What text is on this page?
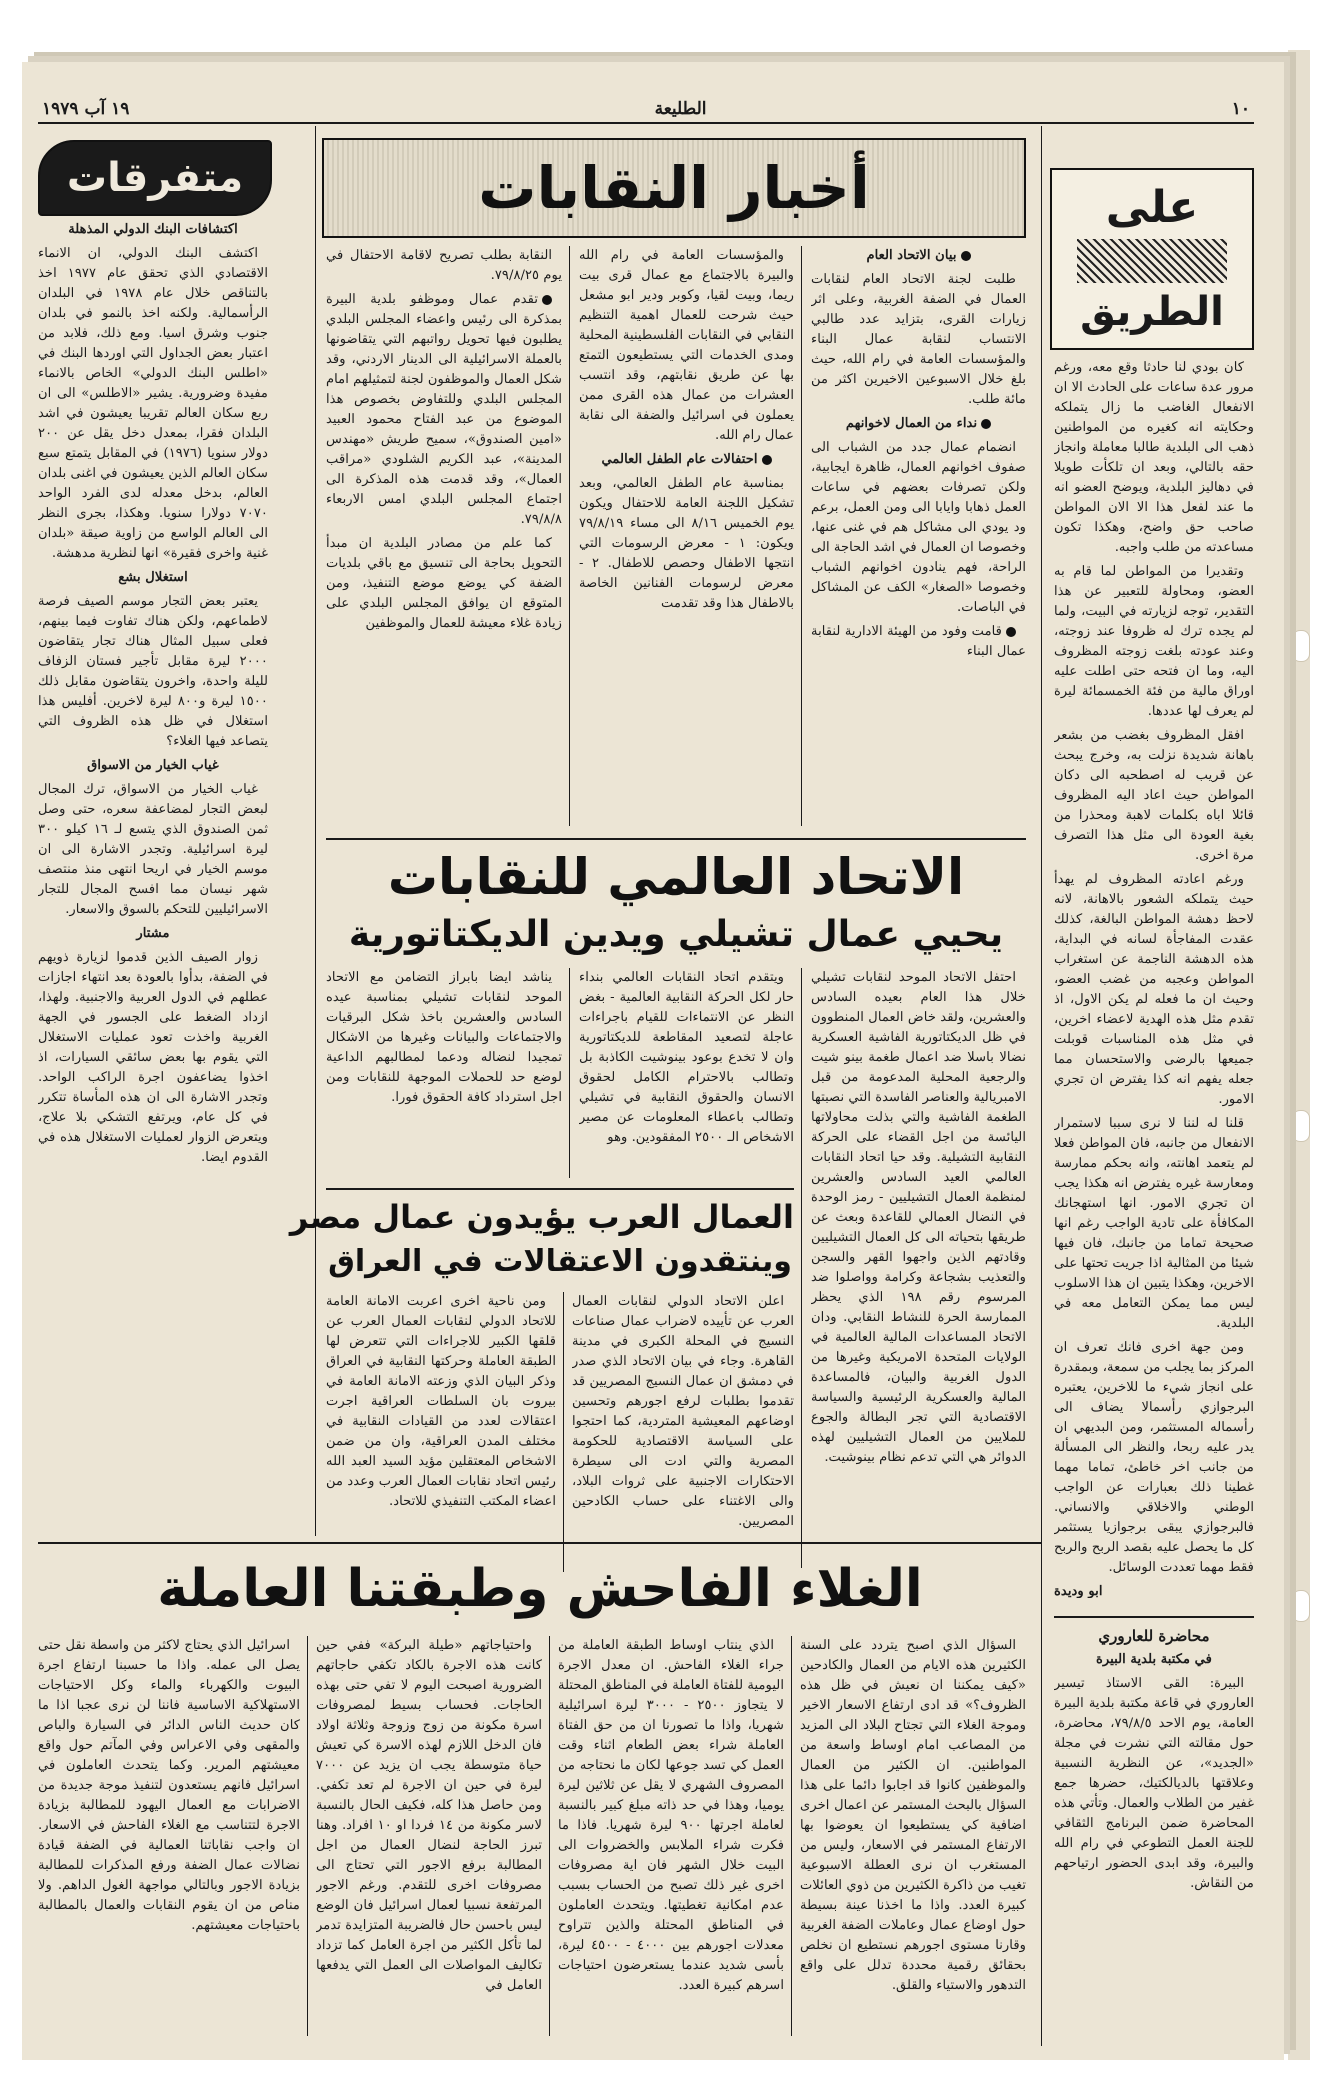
١٠
الطليعة
١٩ آب ١٩٧٩
على
الطريق

كان بودي لنا حادثا وقع معه، ورغم مرور عدة ساعات على الحادث الا ان الانفعال الغاضب ما زال يتملكه وحكايته انه كغيره من المواطنين ذهب الى البلدية طالبا معاملة وانجاز حقه بالتالي، وبعد ان تلكأت طويلا في دهاليز البلدية، ويوضح العضو انه ما عند لفعل هذا الا الان المواطن صاحب حق واضح، وهكذا تكون مساعدته من طلب واجبه.

وتقديرا من المواطن لما قام به العضو، ومحاولة للتعبير عن هذا التقدير، توجه لزيارته في البيت، ولما لم يجده ترك له ظروفا عند زوجته، وعند عودته بلغت زوجته المظروف اليه، وما ان فتحه حتى اطلت عليه اوراق مالية من فئة الخمسمائة ليرة لم يعرف لها عددها.

افقل المظروف بغضب من بشعر باهانة شديدة نزلت به، وخرج يبحث عن قريب له اصطحبه الى دكان المواطن حيث اعاد اليه المظروف قائلا اباه بكلمات لاهبة ومحذرا من بغية العودة الى مثل هذا التصرف مرة اخرى.

ورغم اعادته المظروف لم يهدأ حيث يتملكه الشعور بالاهانة، لانه لاحظ دهشة المواطن البالغة، كذلك عقدت المفاجأة لسانه في البداية، هذه الدهشة الناجمة عن استغراب المواطن وعجبه من غضب العضو، وحيث ان ما فعله لم يكن الاول، اذ تقدم مثل هذه الهدية لاعضاء اخرين، في مثل هذه المناسبات قوبلت جميعها بالرضى والاستحسان مما جعله يفهم انه كذا يفترض ان تجري الامور.

قلنا له لننا لا نرى سببا لاستمرار الانفعال من جانبه، فان المواطن فعلا لم يتعمد اهانته، وانه بحكم ممارسة ومعارسة غيره يفترض انه هكذا يجب ان تجري الامور. انها استهجانك المكافأة على تادية الواجب رغم انها صحيحة تماما من جانبك، فان فيها شيئا من المثالية اذا جريت تحتها على الاخرين، وهكذا يتبين ان هذا الاسلوب ليس مما يمكن التعامل معه في البلدية.

ومن جهة اخرى فانك تعرف ان المركز بما يجلب من سمعة، وبمقدرة على انجاز شيء ما للاخرين، يعتبره البرجوازي رأسمالا يضاف الى رأسماله المستثمر، ومن البديهي ان يدر عليه ربحا، والنظر الى المسألة من جانب اخر خاطئ، تماما مهما غطينا ذلك بعبارات عن الواجب الوطني والاخلاقي والانساني. فالبرجوازي يبقى برجوازيا يستثمر كل ما يحصل عليه بقصد الربح والربح فقط مهما تعددت الوسائل.

ابو وديدة

محاضرة للعاروري

في مكتبة بلدية البيرة

البيرة: القى الاستاذ تيسير العاروري في قاعة مكتبة بلدية البيرة العامة، يوم الاحد ٧٩/٨/٥، محاضرة، حول مقالته التي نشرت في مجلة «الجديد»، عن النظرية النسبية وعلاقتها بالديالكتيك، حضرها جمع غفير من الطلاب والعمال. وتأتي هذه المحاضرة ضمن البرنامج الثقافي للجنة العمل التطوعي في رام الله والبيرة، وقد ابدى الحضور ارتياحهم من النقاش.

أخبار النقابات

بيان الاتحاد العام

طلبت لجنة الاتحاد العام لنقابات العمال في الضفة الغربية، وعلى اثر زيارات القرى، بتزايد عدد طالبي الانتساب لنقابة عمال البناء والمؤسسات العامة في رام الله، حيث بلغ خلال الاسبوعين الاخيرين اكثر من مائة طلب.

نداء من العمال لاخوانهم

انضمام عمال جدد من الشباب الى صفوف اخوانهم العمال، ظاهرة ايجابية، ولكن تصرفات بعضهم في ساعات العمل ذهابا وايابا الى ومن العمل، برعم ود يودي الى مشاكل هم في غنى عنها، وخصوصا ان العمال في اشد الحاجة الى الراحة، فهم ينادون اخوانهم الشباب وخصوصا «الصغار» الكف عن المشاكل في الباصات.

قامت وفود من الهيئة الادارية لنقابة عمال البناء

والمؤسسات العامة في رام الله والبيرة بالاجتماع مع عمال قرى بيت ريما، وبيت لقيا، وكوبر ودير ابو مشعل حيث شرحت للعمال اهمية التنظيم النقابي في النقابات الفلسطينية المحلية ومدى الخدمات التي يستطيعون التمتع بها عن طريق نقابتهم، وقد انتسب العشرات من عمال هذه القرى ممن يعملون في اسرائيل والضفة الى نقابة عمال رام الله.

احتفالات عام الطفل العالمي

بمناسبة عام الطفل العالمي، وبعد تشكيل اللجنة العامة للاحتفال ويكون يوم الخميس ٨/١٦ الى مساء ٧٩/٨/١٩ ويكون: ١ - معرض الرسومات التي انتجها الاطفال وحصص للاطفال. ٢ - معرض لرسومات الفنانين الخاصة بالاطفال هذا وقد تقدمت

النقابة بطلب تصريح لاقامة الاحتفال في يوم ٧٩/٨/٢٥.

تقدم عمال وموظفو بلدية البيرة بمذكرة الى رئيس واعضاء المجلس البلدي يطلبون فيها تحويل رواتبهم التي يتقاضونها بالعملة الاسرائيلية الى الدينار الاردني، وقد شكل العمال والموظفون لجنة لتمثيلهم امام المجلس البلدي وللتفاوض بخصوص هذا الموضوع من عبد الفتاح محمود العبيد «امين الصندوق»، سميح طريش «مهندس المدينة»، عبد الكريم الشلودي «مراقب العمال»، وقد قدمت هذه المذكرة الى اجتماع المجلس البلدي امس الاربعاء ٧٩/٨/٨.

كما علم من مصادر البلدية ان مبدأ التحويل بحاجة الى تنسيق مع باقي بلديات الضفة كي يوضع موضع التنفيذ، ومن المتوقع ان يوافق المجلس البلدي على زيادة غلاء معيشة للعمال والموظفين

الاتحاد العالمي للنقابات
يحيي عمال تشيلي ويدين الديكتاتورية

احتفل الاتحاد الموحد لنقابات تشيلي خلال هذا العام بعيده السادس والعشرين، ولقد خاض العمال المنطوون في ظل الديكتاتورية الفاشية العسكرية نضالا باسلا ضد اعمال طغمة بينو شيت والرجعية المحلية المدعومة من قبل الامبريالية والعناصر الفاسدة التي نصبتها الطغمة الفاشية والتي بذلت محاولاتها اليائسة من اجل القضاء على الحركة النقابية التشيلية. وقد حيا اتحاد النقابات العالمي العيد السادس والعشرين لمنظمة العمال التشيليين - رمز الوحدة في النضال العمالي للقاعدة وبعث عن طريقها بتحياته الى كل العمال التشيليين وقادتهم الذين واجهوا القهر والسجن والتعذيب بشجاعة وكرامة وواصلوا ضد المرسوم رقم ١٩٨ الذي يحظر الممارسة الحرة للنشاط النقابي. ودان الاتحاد المساعدات المالية العالمية في الولايات المتحدة الامريكية وغيرها من الدول الغربية والبيان، فالمساعدة المالية والعسكرية الرئيسية والسياسة الاقتصادية التي تجر البطالة والجوع للملايين من العمال التشيليين لهذه الدوائر هي التي تدعم نظام بينوشيت.

ويتقدم اتحاد النقابات العالمي بنداء حار لكل الحركة النقابية العالمية - بغض النظر عن الانتماءات للقيام باجراءات عاجلة لتصعيد المقاطعة للديكتاتورية وان لا تخدع بوعود بينوشيت الكاذبة بل وتطالب بالاحترام الكامل لحقوق الانسان والحقوق النقابية في تشيلي وتطالب باعطاء المعلومات عن مصير الاشخاص الـ ٢٥٠٠ المفقودين. وهو

يناشد ايضا بابراز التضامن مع الاتحاد الموحد لنقابات تشيلي بمناسبة عيده السادس والعشرين باخذ شكل البرقيات والاجتماعات والبيانات وغيرها من الاشكال تمجيدا لنضاله ودعما لمطالبهم الداعية لوضع حد للحملات الموجهة للنقابات ومن اجل استرداد كافة الحقوق فورا.

العمال العرب يؤيدون عمال مصر
وينتقدون الاعتقالات في العراق

اعلن الاتحاد الدولي لنقابات العمال العرب عن تأييده لاضراب عمال صناعات النسيج في المحلة الكبرى في مدينة القاهرة. وجاء في بيان الاتحاد الذي صدر في دمشق ان عمال النسيج المصريين قد تقدموا بطلبات لرفع اجورهم وتحسين اوضاعهم المعيشية المتردية، كما احتجوا على السياسة الاقتصادية للحكومة المصرية والتي ادت الى سيطرة الاحتكارات الاجنبية على ثروات البلاد، والى الاغتناء على حساب الكادحين المصريين.

ومن ناحية اخرى اعربت الامانة العامة للاتحاد الدولي لنقابات العمال العرب عن قلقها الكبير للاجراءات التي تتعرض لها الطبقة العاملة وحركتها النقابية في العراق وذكر البيان الذي وزعته الامانة العامة في بيروت بان السلطات العراقية اجرت اعتقالات لعدد من القيادات النقابية في مختلف المدن العراقية، وان من ضمن الاشخاص المعتقلين مؤيد السيد العبد الله رئيس اتحاد نقابات العمال العرب وعدد من اعضاء المكتب التنفيذي للاتحاد.

متفرقات

اكتشافات البنك الدولي المذهلة

اكتشف البنك الدولي، ان الانماء الاقتصادي الذي تحقق عام ١٩٧٧ اخذ بالتناقص خلال عام ١٩٧٨ في البلدان الرأسمالية. ولكنه اخذ بالنمو في بلدان جنوب وشرق اسيا. ومع ذلك، فلابد من اعتبار بعض الجداول التي اوردها البنك في «اطلس البنك الدولي» الخاص بالانماء مفيدة وضرورية. يشير «الاطلس» الى ان ربع سكان العالم تقريبا يعيشون في اشد البلدان فقرا، بمعدل دخل يقل عن ٢٠٠ دولار سنويا (١٩٧٦) في المقابل يتمتع سبع سكان العالم الذين يعيشون في اغنى بلدان العالم، بدخل معدله لدى الفرد الواحد ٧٠٧٠ دولارا سنويا. وهكذا، بجرى النظر الى العالم الواسع من زاوية صيقة «بلدان غنية واخرى فقيرة» انها لنظرية مدهشة.

استغلال بشع

يعتبر بعض التجار موسم الصيف فرصة لاطماعهم، ولكن هناك تفاوت فيما بينهم، فعلى سبيل المثال هناك تجار يتقاضون ٢٠٠٠ ليرة مقابل تأجير فستان الزفاف لليلة واحدة، واخرون يتقاضون مقابل ذلك ١٥٠٠ ليرة و٨٠٠ ليرة لاخرين. أفليس هذا استغلال في ظل هذه الظروف التي يتصاعد فيها الغلاء؟

غياب الخيار من الاسواق

غياب الخيار من الاسواق، ترك المجال لبعض التجار لمضاعفة سعره، حتى وصل ثمن الصندوق الذي يتسع لـ ١٦ كيلو ٣٠٠ ليرة اسرائيلية. وتجدر الاشارة الى ان موسم الخيار في اريحا انتهى منذ منتصف شهر نيسان مما افسح المجال للتجار الاسرائيليين للتحكم بالسوق والاسعار.

مشتار

زوار الصيف الذين قدموا لزيارة ذويهم في الضفة، بدأوا بالعودة بعد انتهاء اجازات عطلهم في الدول العربية والاجنبية. ولهذا، ازداد الضغط على الجسور في الجهة الغربية واخذت تعود عمليات الاستغلال التي يقوم بها بعض سائقي السيارات، اذ اخذوا يضاعفون اجرة الراكب الواحد. وتجدر الاشارة الى ان هذه المأساة تتكرر في كل عام، ويرتفع التشكي بلا علاج، ويتعرض الزوار لعمليات الاستغلال هذه في القدوم ايضا.

الغلاء الفاحش وطبقتنا العاملة

السؤال الذي اصبح يتردد على السنة الكثيرين هذه الايام من العمال والكادحين «كيف يمكننا ان نعيش في ظل هذه الظروف؟» قد ادى ارتفاع الاسعار الاخير وموجة الغلاء التي تجتاح البلاد الى المزيد من المصاعب امام اوساط واسعة من المواطنين. ان الكثير من العمال والموظفين كانوا قد اجابوا دائما على هذا السؤال بالبحث المستمر عن اعمال اخرى اضافية كي يستطيعوا ان يعوضوا بها الارتفاع المستمر في الاسعار، وليس من المستغرب ان نرى العطلة الاسبوعية تغيب من ذاكرة الكثيرين من ذوي العائلات كبيرة العدد. واذا ما اخذنا عينة بسيطة حول اوضاع عمال وعاملات الضفة الغربية وقارنا مستوى اجورهم نستطيع ان نخلص بحقائق رقمية محددة تدلل على واقع التدهور والاستياء والقلق.

الذي ينتاب اوساط الطبقة العاملة من جراء الغلاء الفاحش. ان معدل الاجرة اليومية للفتاة العاملة في المناطق المحتلة لا يتجاوز ٢٥٠٠ - ٣٠٠٠ ليرة اسرائيلية شهريا، واذا ما تصورنا ان من حق الفتاة العاملة شراء بعض الطعام اثناء وقت العمل كي تسد جوعها لكان ما نحتاجه من المصروف الشهري لا يقل عن ثلاثين ليرة يوميا، وهذا في حد ذاته مبلغ كبير بالنسبة لعاملة اجرتها ٩٠٠ ليرة شهريا. فاذا ما فكرت شراء الملابس والخضروات الى البيت خلال الشهر فان اية مصروفات اخرى غير ذلك تصبح من الحساب بسبب عدم امكانية تغطيتها. ويتحدث العاملون في المناطق المحتلة والذين تتراوح معدلات اجورهم بين ٤٠٠٠ - ٤٥٠٠ ليرة، بأسى شديد عندما يستعرضون احتياجات اسرهم كبيرة العدد.

واحتياجاتهم «طيلة البركة» ففي حين كانت هذه الاجرة بالكاد تكفي حاجاتهم الضرورية اصبحت اليوم لا تفي حتى بهذه الحاجات. فحساب بسيط لمصروفات اسرة مكونة من زوج وزوجة وثلاثة اولاد فان الدخل اللازم لهذه الاسرة كي تعيش حياة متوسطة يجب ان يزيد عن ٧٠٠٠ ليرة في حين ان الاجرة لم تعد تكفي. ومن حاصل هذا كله، فكيف الحال بالنسبة لاسر مكونة من ١٤ فردا او ١٠ افراد. وهنا تبرز الحاجة لنضال العمال من اجل المطالبة برفع الاجور التي تحتاج الى مصروفات اخرى للتقدم. ورغم الاجور المرتفعة نسبيا لعمال اسرائيل فان الوضع ليس باحسن حال فالضريبة المتزايدة تدمر لما تأكل الكثير من اجرة العامل كما تزداد تكاليف المواصلات الى العمل التي يدفعها العامل في

اسرائيل الذي يحتاج لاكثر من واسطة نقل حتى يصل الى عمله. واذا ما حسبنا ارتفاع اجرة البيوت والكهرباء والماء وكل الاحتياجات الاستهلاكية الاساسية فاننا لن نرى عجبا اذا ما كان حديث الناس الدائر في السيارة والباص والمقهى وفي الاعراس وفي المآتم حول واقع معيشتهم المرير. وكما يتحدث العاملون في اسرائيل فانهم يستعدون لتنفيذ موجة جديدة من الاضرابات مع العمال اليهود للمطالبة بزيادة الاجرة لتتناسب مع الغلاء الفاحش في الاسعار. ان واجب نقاباتنا العمالية في الضفة قيادة نضالات عمال الضفة ورفع المذكرات للمطالبة بزيادة الاجور وبالتالي مواجهة الغول الداهم. ولا مناص من ان يقوم النقابات والعمال بالمطالبة باحتياجات معيشتهم.
